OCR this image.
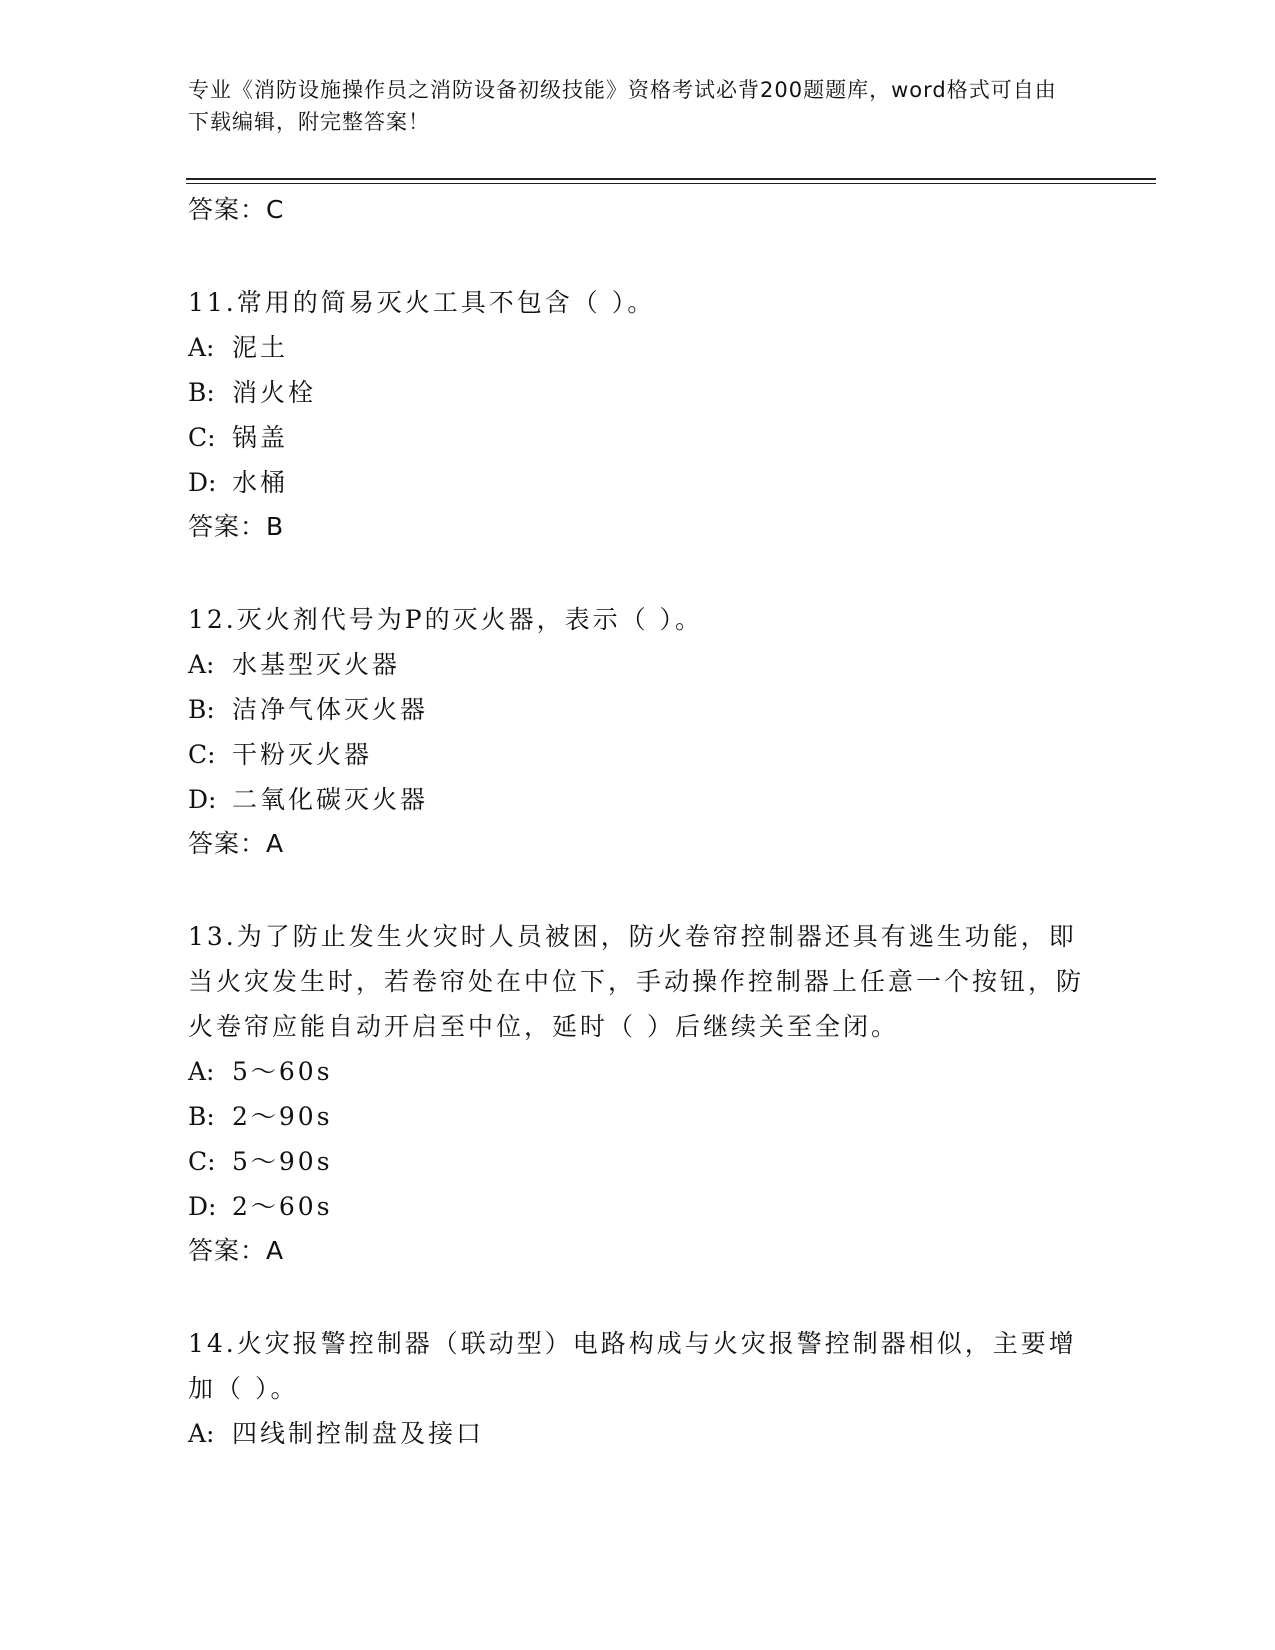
专业《消防设施操作员之消防设备初级技能》资格考试必背200题题库，word格式可自由下载编辑，附完整答案！
答案：C
11.常用的简易灭火工具不包含（ ）。
A: 泥土
B: 消火栓
C: 锅盖
D: 水桶
答案：B
12.灭火剂代号为P的灭火器，表示（ ）。
A: 水基型灭火器
B: 洁净气体灭火器
C: 干粉灭火器
D: 二氧化碳灭火器
答案：A
13.为了防止发生火灾时人员被困，防火卷帘控制器还具有逃生功能，即当火灾发生时，若卷帘处在中位下，手动操作控制器上任意一个按钮，防火卷帘应能自动开启至中位，延时（ ）后继续关至全闭。
A: 5～60s
B: 2～90s
C: 5～90s
D: 2～60s
答案：A
14.火灾报警控制器（联动型）电路构成与火灾报警控制器相似，主要增加（ ）。
A: 四线制控制盘及接口
